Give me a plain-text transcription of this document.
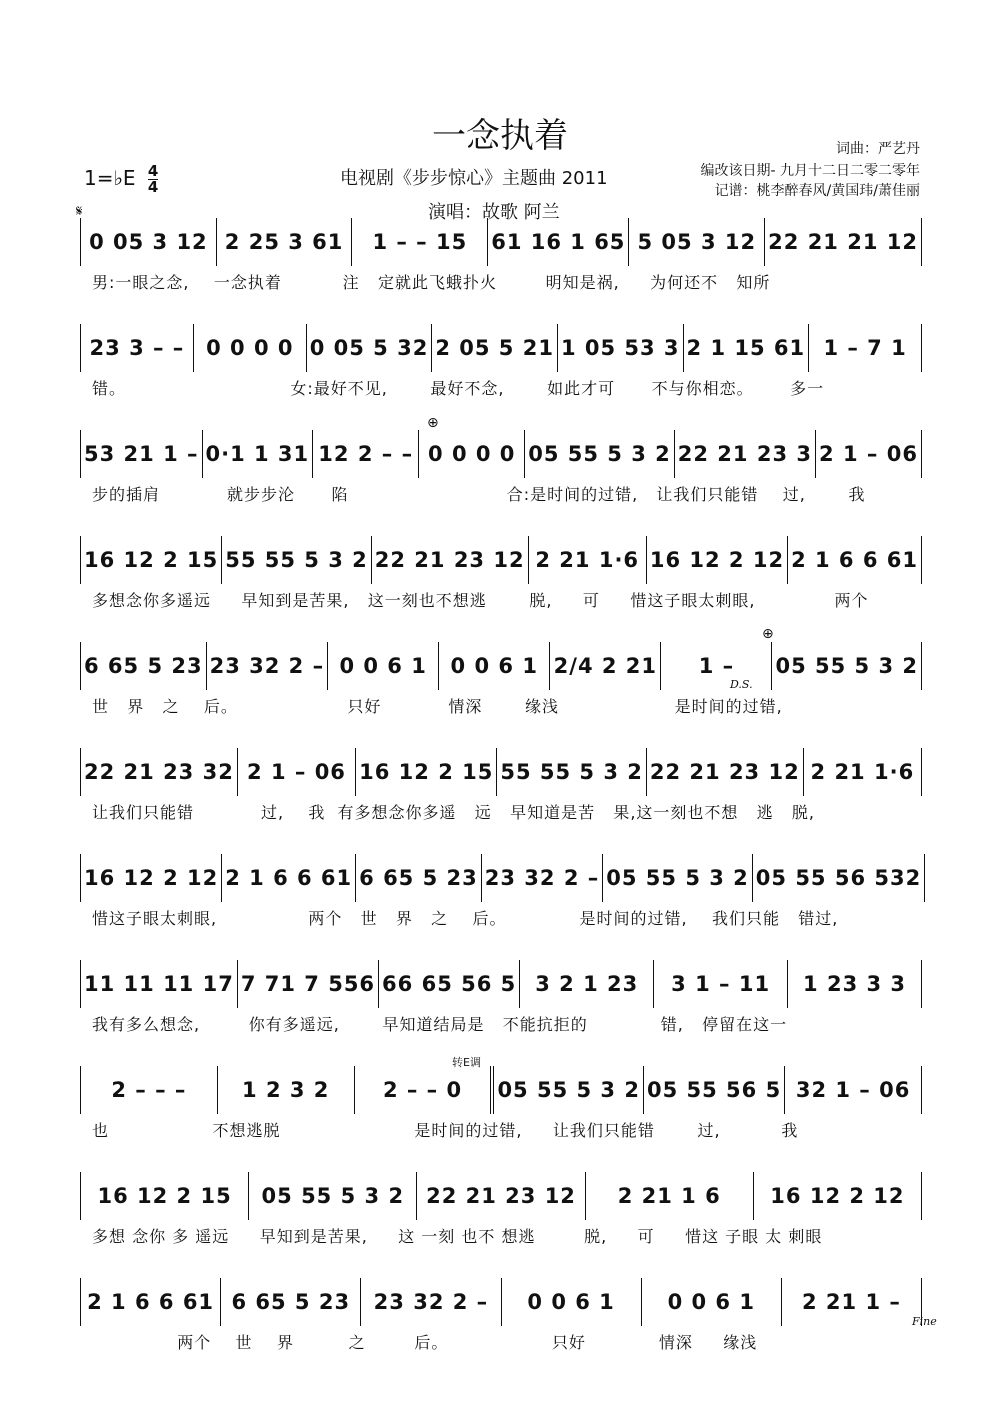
一念执着
电视剧《步步惊心》主题曲 2011
演唱：故歌 阿兰
词曲：严艺丹
编改该日期- 九月十二日二零二零年
记谱：桃李醉春风/黄国玮/萧佳丽
1=♭E $\frac{4}{4}$
𝄋
⊕
⊕
D.S.
Fine
转E调
0 05 3 12 2 25 3 61 1 – – 15 61 16 1 65 5 05 3 12 22 21 21 12
男:一眼之念,    一念执着          注   定就此飞蛾扑火        明知是祸,     为何还不   知所
23 3 – – 0 0 0 0 0 05 5 32 2 05 5 21 1 05 53 3 2 1 15 61 1 – 7 1
错。                           女:最好不见,       最好不念,       如此才可      不与你相恋。      多一
53 21 1 – 0·1 1 31 12 2 – – 0 0 0 0 05 55 5 3 2 22 21 23 3 2 1 – 06
步的插肩           就步步沦      陷                          合:是时间的过错,   让我们只能错    过,       我
16 12 2 15 55 55 5 3 2 22 21 23 12 2 21 1·6 16 12 2 12 2 1 6 6 61
多想念你多遥远     早知到是苦果,   这一刻也不想逃       脱,     可     惜这子眼太刺眼,             两个
6 65 5 23 23 32 2 – 0 0 6 1 0 0 6 1 2/4 2 21 1 – 05 55 5 3 2
世   界   之    后。                  只好           情深       缘浅                   是时间的过错,
22 21 23 32 2 1 – 06 16 12 2 15 55 55 5 3 2 22 21 23 12 2 21 1·6
让我们只能错           过,    我  有多想念你多遥   远   早知道是苦   果,这一刻也不想   逃   脱,
16 12 2 12 2 1 6 6 61 6 65 5 23 23 32 2 – 05 55 5 3 2 05 55 56 532
惜这子眼太刺眼,               两个   世   界   之    后。            是时间的过错,    我们只能   错过,
11 11 11 17 7 71 7 556 66 65 56 5 3 2 1 23 3 1 – 11 1 23 3 3
我有多么想念,        你有多遥远,       早知道结局是   不能抗拒的            错,   停留在这一
2 – – –	1 2 3 2	2 – – 0 05 55 5 3 2 05 55 56 5 32 1 – 06
也                 不想逃脱                      是时间的过错,     让我们只能错       过,          我
16 12 2 15 05 55 5 3 2 22 21 23 12 2 21 1 6 16 12 2 12
多想 念你 多 遥远     早知到是苦果,     这 一刻 也不 想逃        脱,     可     惜这 子眼 太 刺眼
2 1 6 6 61 6 65 5 23 23 32 2 – 0 0 6 1	0 0 6 1 2 21 1 –
两个    世    界         之        后。                 只好            情深     缘浅
